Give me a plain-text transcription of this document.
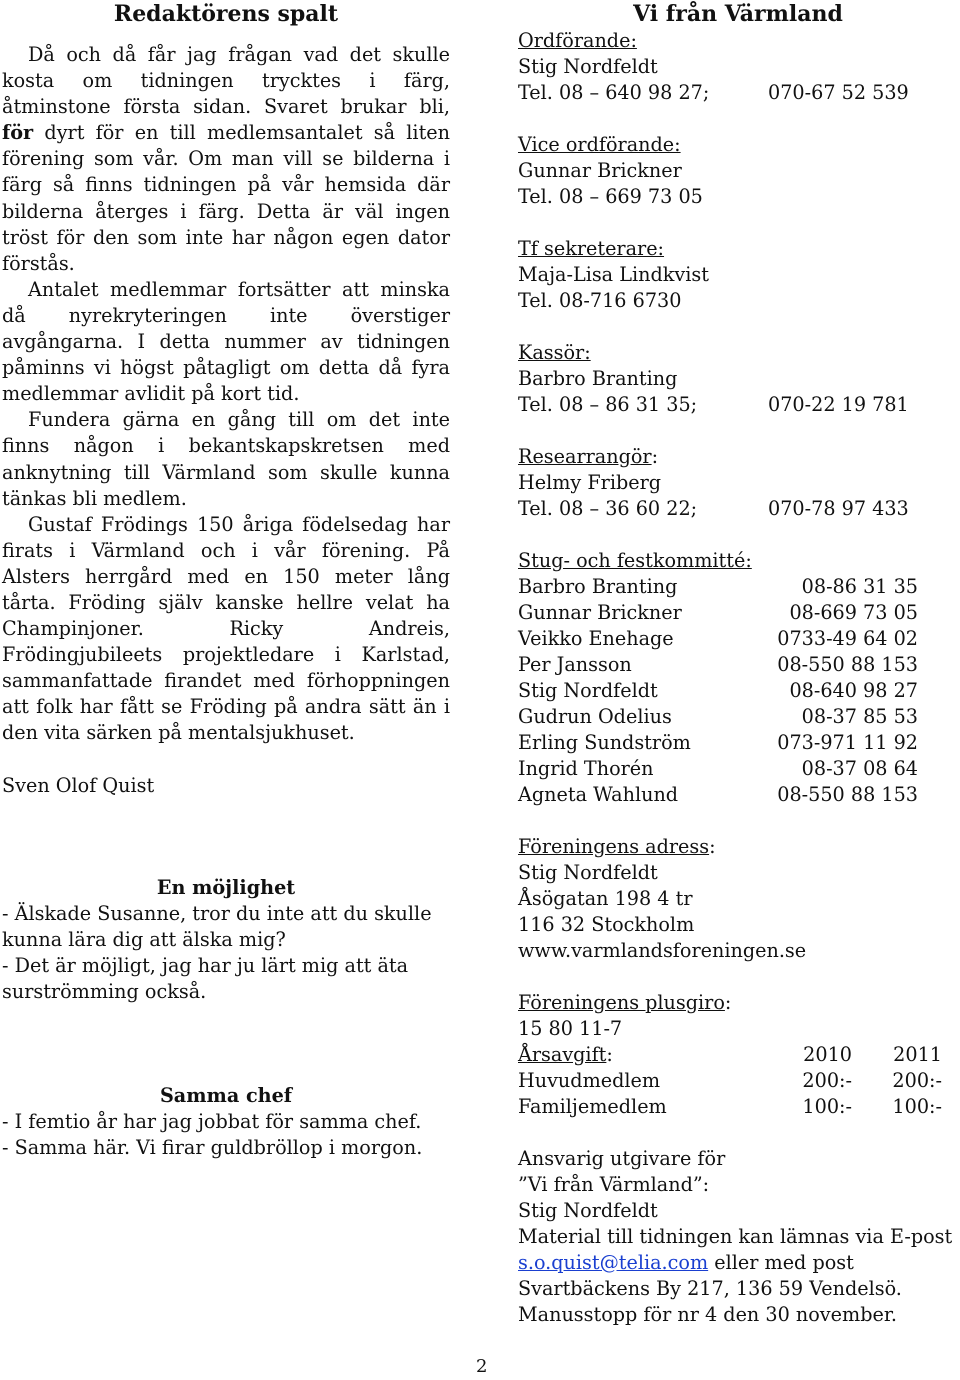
Redaktörens spalt

Då och då får jag frågan vad det skulle kosta om tidningen trycktes i färg, åtminstone första sidan. Svaret brukar bli, för dyrt för en till medlemsantalet så liten förening som vår. Om man vill se bilderna i färg så finns tidningen på vår hemsida där bilderna återges i färg. Detta är väl ingen tröst för den som inte har någon egen dator förstås.

Antalet medlemmar fortsätter att minska då nyrekryteringen inte överstiger avgångarna. I detta nummer av tidningen påminns vi högst påtagligt om detta då fyra medlemmar avlidit på kort tid.

Fundera gärna en gång till om det inte finns någon i bekantskapskretsen med anknytning till Värmland som skulle kunna tänkas bli medlem.

Gustaf Frödings 150 åriga födelsedag har firats i Värmland och i vår förening. På Alsters herrgård med en 150 meter lång tårta. Fröding själv kanske hellre velat ha Champinjoner. Ricky Andreis, Frödingjubileets projektledare i Karlstad, sammanfattade firandet med förhoppningen att folk har fått se Fröding på andra sätt än i den vita särken på mentalsjukhuset.

Sven Olof Quist

En möjlighet

- Älskade Susanne, tror du inte att du skulle kunna lära dig att älska mig?

- Det är möjligt, jag har ju lärt mig att äta surströmming också.

Samma chef

- I femtio år har jag jobbat för samma chef.

- Samma här. Vi firar guldbröllop i morgon.

Vi från Värmland
Ordförande:
Stig Nordfeldt
Tel. 08 – 640 98 27;	070-67 52 539
Vice ordförande:
Gunnar Brickner
Tel. 08 – 669 73 05
Tf sekreterare:
Maja-Lisa Lindkvist
Tel. 08-716 6730
Kassör:
Barbro Branting
Tel. 08 – 86 31 35;	070-22 19 781
Researrangör:
Helmy Friberg
Tel. 08 – 36 60 22;	070-78 97 433
Stug- och festkommitté:
Barbro Branting	08-86 31 35
Gunnar Brickner	08-669 73 05
Veikko Enehage	0733-49 64 02
Per Jansson	08-550 88 153
Stig Nordfeldt	08-640 98 27
Gudrun Odelius	08-37 85 53
Erling Sundström	073-971 11 92
Ingrid Thorén	08-37 08 64
Agneta Wahlund	08-550 88 153
Föreningens adress:
Stig Nordfeldt
Åsögatan 198 4 tr
116 32 Stockholm
www.varmlandsforeningen.se
Föreningens plusgiro:
15 80 11-7
Årsavgift:	2010	2011
Huvudmedlem	200:-	200:-
Familjemedlem	100:-	100:-
Ansvarig utgivare för
”Vi från Värmland”:
Stig Nordfeldt

Material till tidningen kan lämnas via E-post s.o.quist@telia.com eller med post Svartbäckens By 217, 136 59 Vendelsö.

Manusstopp för nr 4 den 30 november.
2
